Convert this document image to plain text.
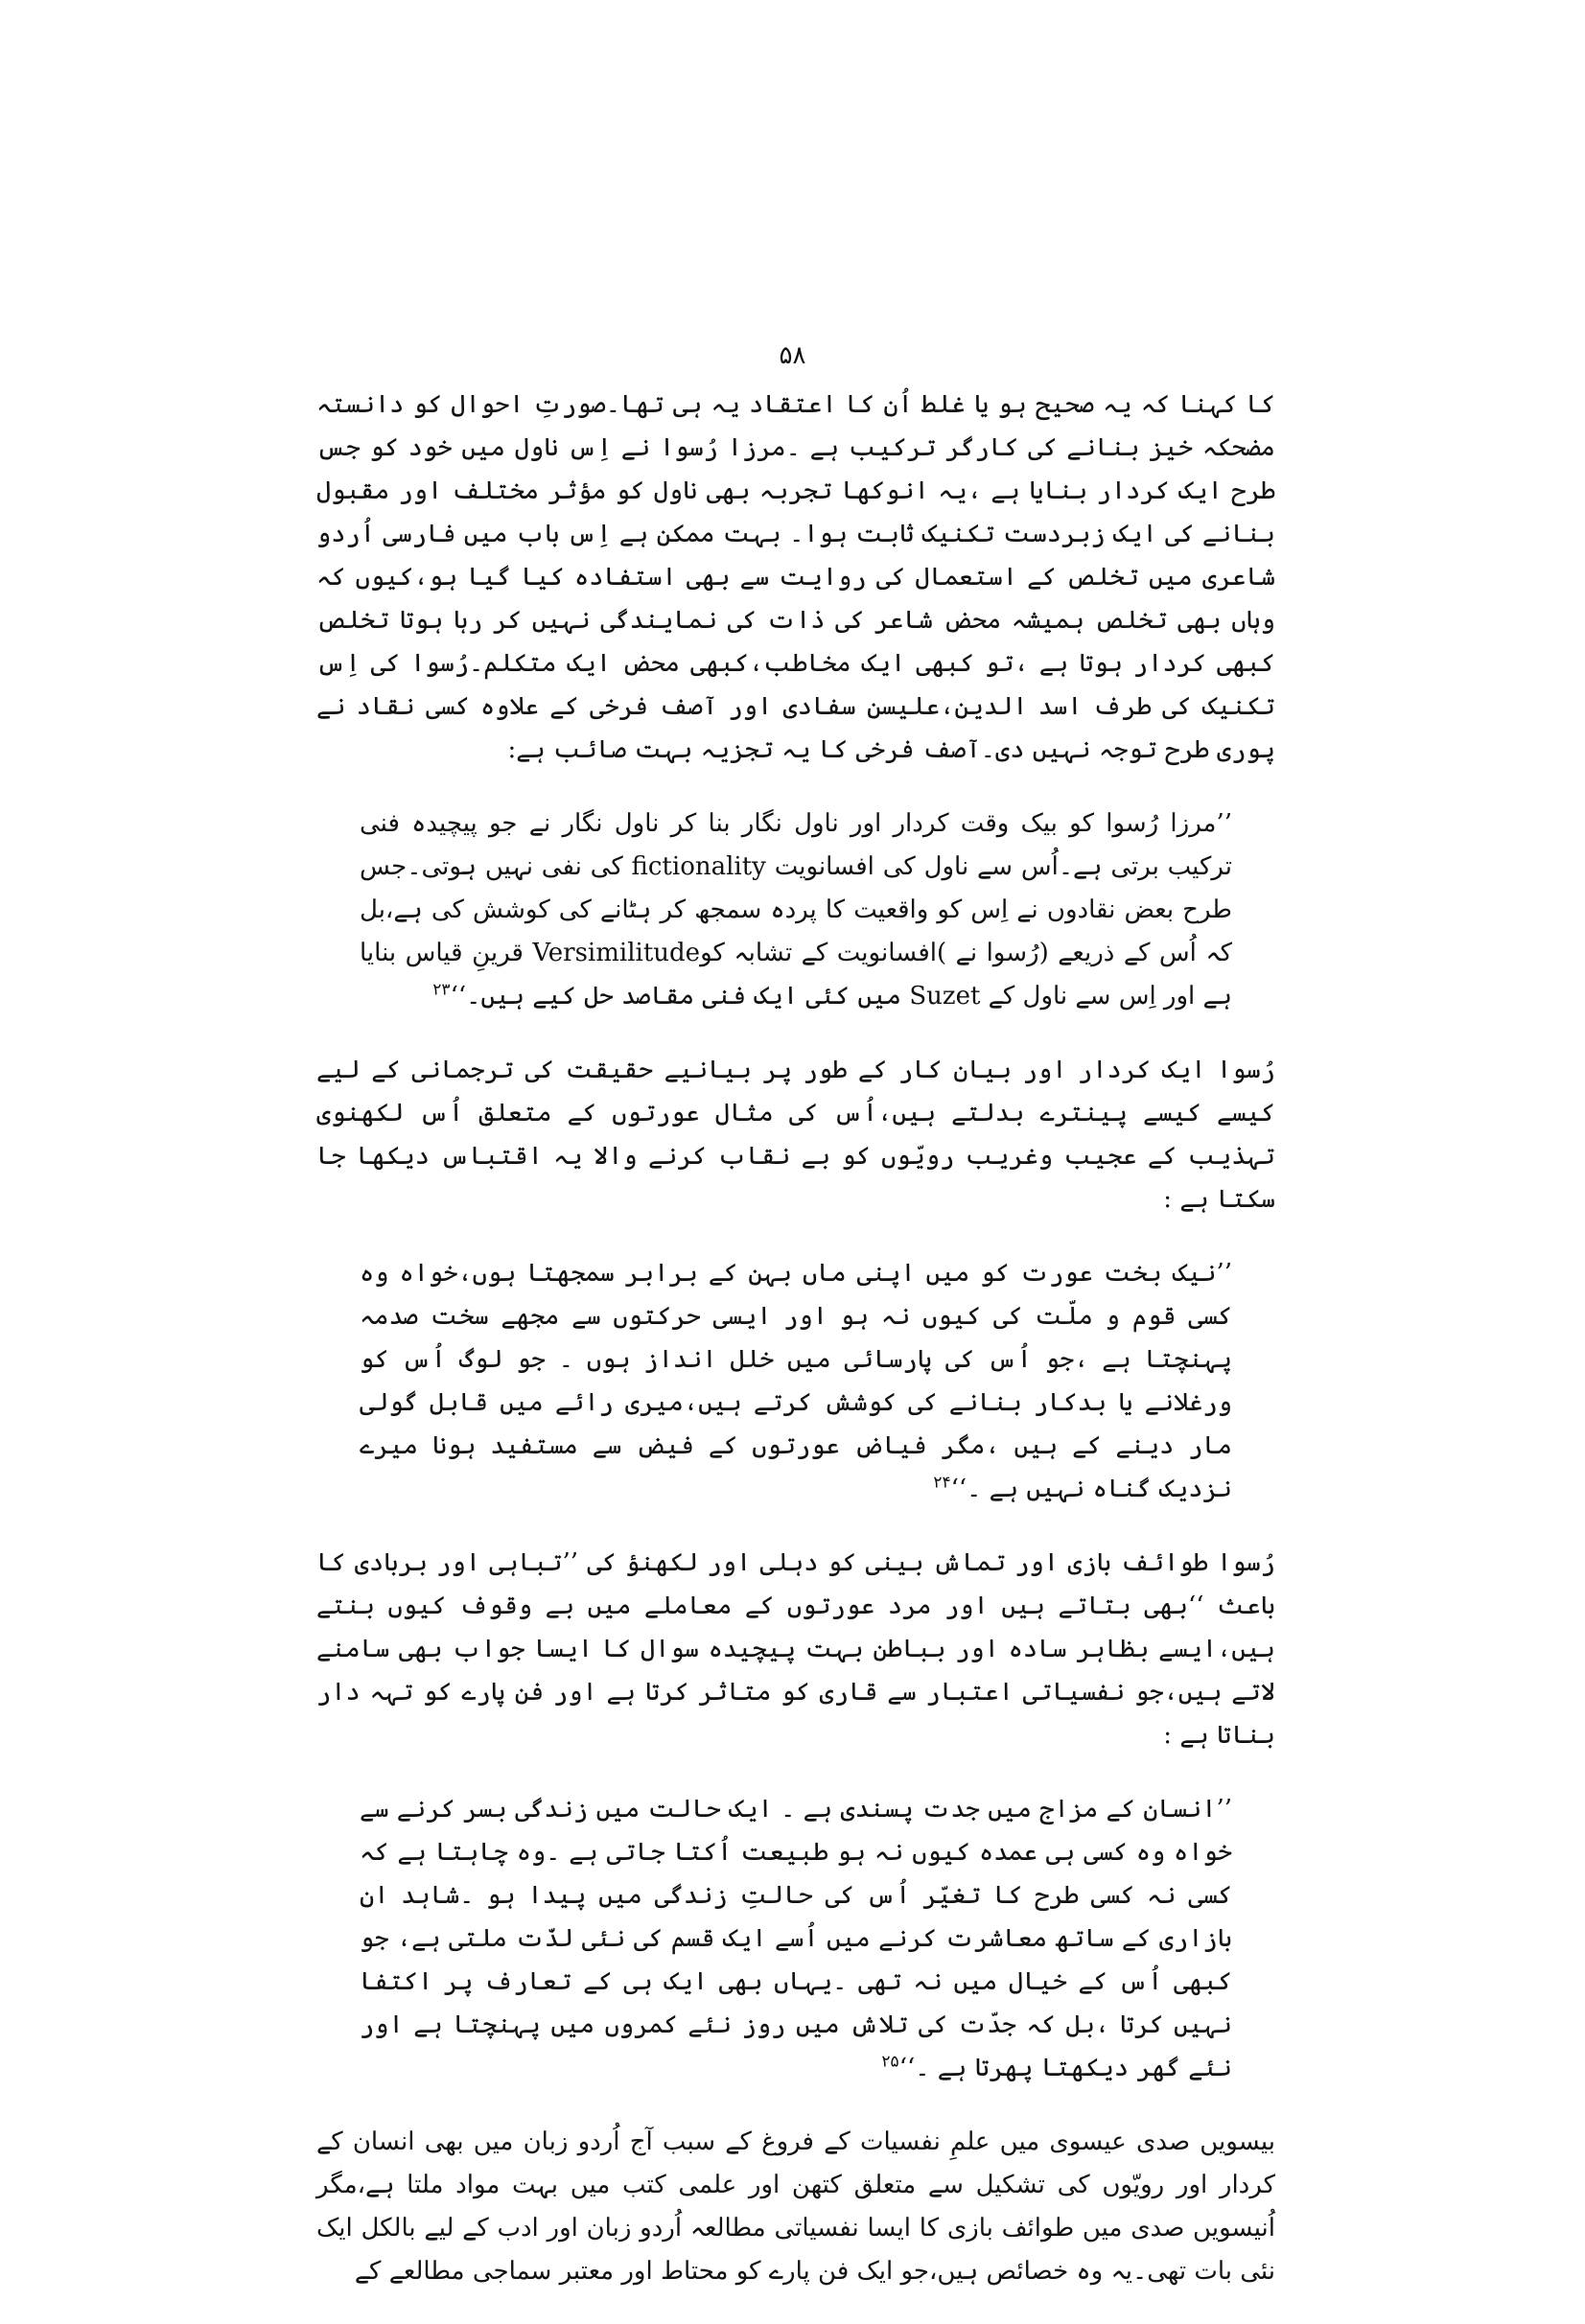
۵۸

کا کہنا کہ یہ صحیح ہو یا غلط اُن کا اعتقاد یہ ہی تھا۔صورتِ احوال کو دانستہ مضحکہ خیز بنانے کی کارگر ترکیب ہے ۔مرزا رُسوا نے اِس ناول میں خود کو جس طرح ایک کردار بنایا ہے ،یہ انوکھا تجربہ بھی ناول کو مؤثر مختلف اور مقبول بنانے کی ایک زبردست تکنیک ثابت ہوا۔ بہت ممکن ہے اِس باب میں فارسی اُردو شاعری میں تخلص کے استعمال کی روایت سے بھی استفادہ کیا گیا ہو،کیوں کہ وہاں بھی تخلص ہمیشہ محض شاعر کی ذات کی نمایندگی نہیں کر رہا ہوتا تخلص کبھی کردار ہوتا ہے ،تو کبھی ایک مخاطب،کبھی محض ایک متکلم۔رُسوا کی اِس تکنیک کی طرف اسد الدین،علیسن سفادی اور آصف فرخی کے علاوہ کسی نقاد نے پوری طرح توجہ نہیں دی۔آصف فرخی کا یہ تجزیہ بہت صائب ہے:

’’مرزا رُسوا کو بیک وقت کردار اور ناول نگار بنا کر ناول نگار نے جو پیچیدہ فنی ترکیب برتی ہے۔اُس سے ناول کی افسانویت fictionality کی نفی نہیں ہوتی۔جس طرح بعض نقادوں نے اِس کو واقعیت کا پردہ سمجھ کر ہٹانے کی کوشش کی ہے،بل کہ اُس کے ذریعے (رُسوا نے )افسانویت کے تشابہ کوVersimilitude قرینِ قیاس بنایا ہے اور اِس سے ناول کے Suzet میں کئی ایک فنی مقاصد حل کیے ہیں۔‘‘$^{۲۳}$

رُسوا ایک کردار اور بیان کار کے طور پر بیانیے حقیقت کی ترجمانی کے لیے کیسے کیسے پینترے بدلتے ہیں،اُس کی مثال عورتوں کے متعلق اُس لکھنوی تہذیب کے عجیب وغریب رویّوں کو بے نقاب کرنے والا یہ اقتباس دیکھا جا سکتا ہے :

’’نیک بخت عورت کو میں اپنی ماں بہن کے برابر سمجھتا ہوں،خواہ وہ کسی قوم و ملّت کی کیوں نہ ہو اور ایسی حرکتوں سے مجھے سخت صدمہ پہنچتا ہے ،جو اُس کی پارسائی میں خلل انداز ہوں ۔ جو لوگ اُس کو ورغلانے یا بدکار بنانے کی کوشش کرتے ہیں،میری رائے میں قابل گولی مار دینے کے ہیں ،مگر فیاض عورتوں کے فیض سے مستفید ہونا میرے نزدیک گناہ نہیں ہے ۔‘‘$^{۲۴}$

رُسوا طوائف بازی اور تماش بینی کو دہلی اور لکھنؤ کی ’’تباہی اور بربادی کا باعث ‘‘بھی بتاتے ہیں اور مرد عورتوں کے معاملے میں بے وقوف کیوں بنتے ہیں،ایسے بظاہر سادہ اور بباطن بہت پیچیدہ سوال کا ایسا جواب بھی سامنے لاتے ہیں،جو نفسیاتی اعتبار سے قاری کو متاثر کرتا ہے اور فن پارے کو تہہ دار بناتا ہے :

’’انسان کے مزاج میں جدت پسندی ہے ۔ ایک حالت میں زندگی بسر کرنے سے خواہ وہ کسی ہی عمدہ کیوں نہ ہو طبیعت اُکتا جاتی ہے ۔وہ چاہتا ہے کہ کسی نہ کسی طرح کا تغیّر اُس کی حالتِ زندگی میں پیدا ہو ۔شاہد ان بازاری کے ساتھ معاشرت کرنے میں اُسے ایک قسم کی نئی لذّت ملتی ہے، جو کبھی اُس کے خیال میں نہ تھی ۔یہاں بھی ایک ہی کے تعارف پر اکتفا نہیں کرتا ،بل کہ جدّت کی تلاش میں روز نئے کمروں میں پہنچتا ہے اور نئے گھر دیکھتا پھرتا ہے ۔‘‘$^{۲۵}$

بیسویں صدی عیسوی میں علمِ نفسیات کے فروغ کے سبب آج اُردو زبان میں بھی انسان کے کردار اور رویّوں کی تشکیل سے متعلق کتھن اور علمی کتب میں بہت مواد ملتا ہے،مگر اُنیسویں صدی میں طوائف بازی کا ایسا نفسیاتی مطالعہ اُردو زبان اور ادب کے لیے بالکل ایک نئی بات تھی۔یہ وہ خصائص ہیں،جو ایک فن پارے کو محتاط اور معتبر سماجی مطالعے کے
